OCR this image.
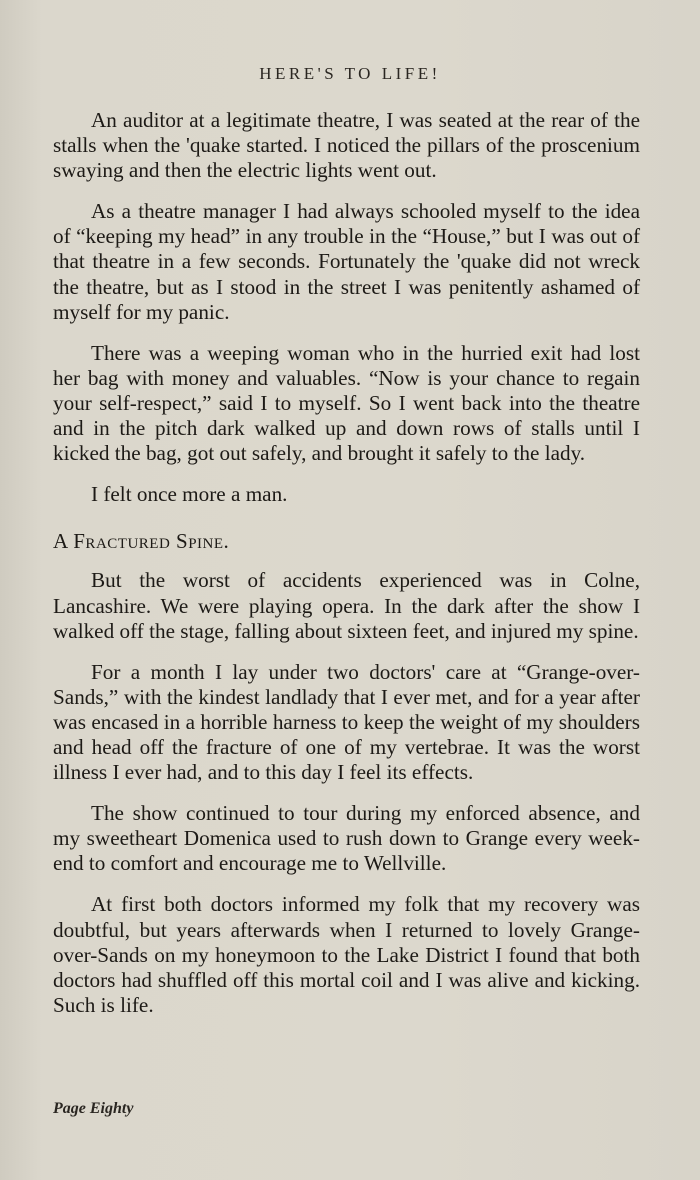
HERE'S TO LIFE!

An auditor at a legitimate theatre, I was seated at the rear of the stalls when the 'quake started. I noticed the pillars of the proscenium swaying and then the electric lights went out.

As a theatre manager I had always schooled myself to the idea of “keeping my head” in any trouble in the “House,” but I was out of that theatre in a few seconds. Fortunately the 'quake did not wreck the theatre, but as I stood in the street I was penitently ashamed of myself for my panic.

There was a weeping woman who in the hurried exit had lost her bag with money and valuables. “Now is your chance to regain your self-respect,” said I to myself. So I went back into the theatre and in the pitch dark walked up and down rows of stalls until I kicked the bag, got out safely, and brought it safely to the lady.

I felt once more a man.

A Fractured Spine.

But the worst of accidents experienced was in Colne, Lancashire. We were playing opera. In the dark after the show I walked off the stage, falling about sixteen feet, and injured my spine.

For a month I lay under two doctors' care at “Grange-over-Sands,” with the kindest landlady that I ever met, and for a year after was encased in a horrible harness to keep the weight of my shoulders and head off the fracture of one of my vertebrae. It was the worst illness I ever had, and to this day I feel its effects.

The show continued to tour during my enforced absence, and my sweetheart Domenica used to rush down to Grange every week-end to comfort and encourage me to Wellville.

At first both doctors informed my folk that my recovery was doubtful, but years afterwards when I returned to lovely Grange-over-Sands on my honeymoon to the Lake District I found that both doctors had shuffled off this mortal coil and I was alive and kicking. Such is life.

Page Eighty
